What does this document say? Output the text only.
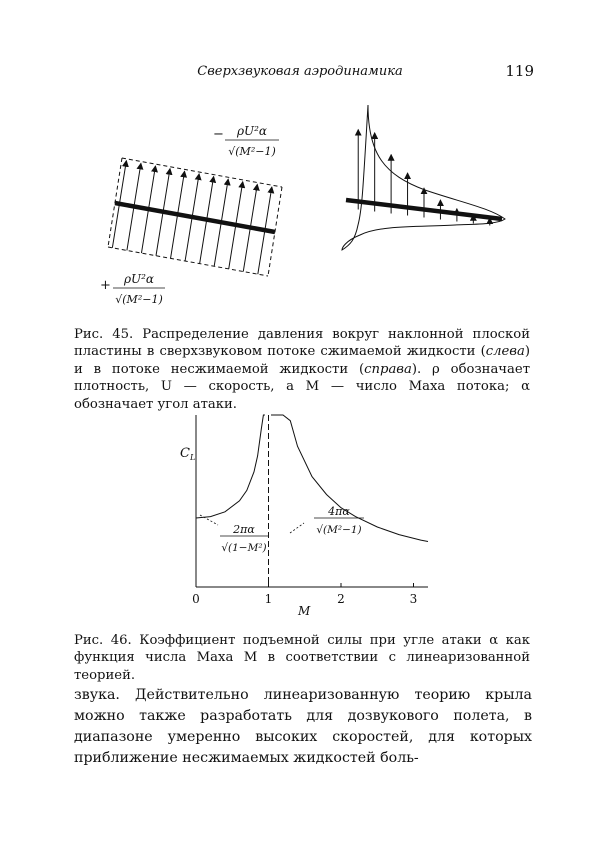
Сверхзвуковая аэродинамика	119
− ρU²α
√(M²−1)
+ ρU²α
√(M²−1)
Рис. 45. Распределение давления вокруг наклонной плоской пластины в сверхзвуковом потоке сжимаемой жидкости (слева) и в потоке несжимаемой жидкости (справа). ρ обозначает плотность, U — скорость, а M — число Маха потока; α обозначает угол атаки.
$C_L$
M
0	1	2	3
2πα
√(1−M²)
4πα
√(M²−1)
Рис. 46. Коэффициент подъемной силы при угле атаки α как функция числа Маха M в соответствии с линеаризованной теорией.
звука. Действительно линеаризованную теорию крыла можно также разработать для дозвукового полета, в диапазоне умеренно высоких скоростей, для которых приближение несжимаемых жидкостей боль-
